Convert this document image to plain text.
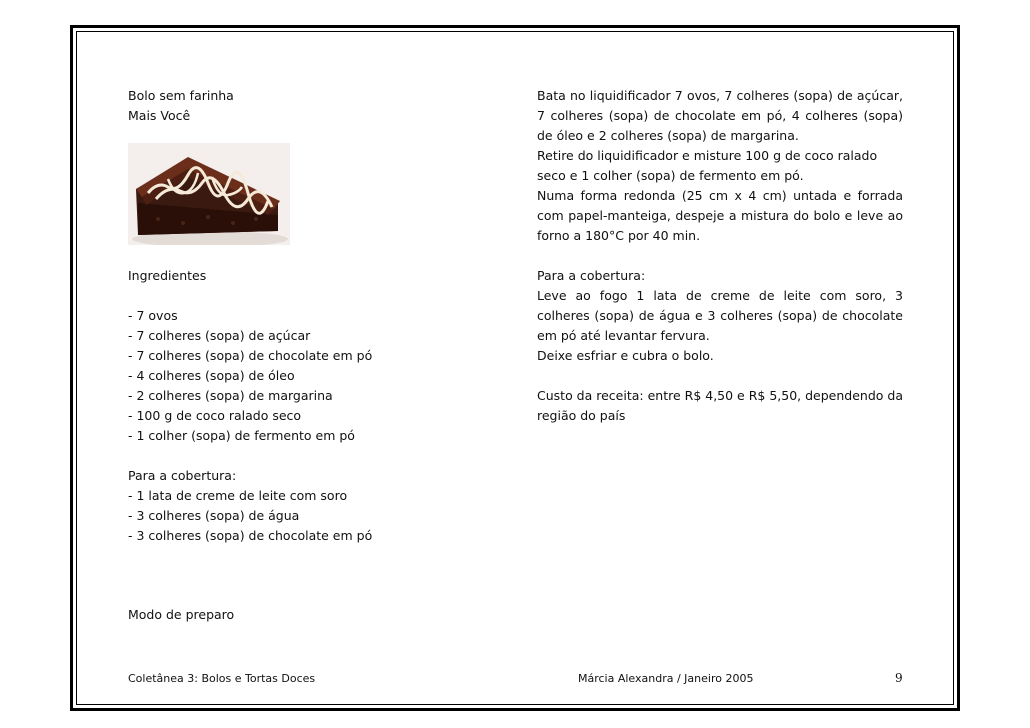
Bolo sem farinha
Mais Você
Ingredientes
- 7 ovos
- 7 colheres (sopa) de açúcar
- 7 colheres (sopa) de chocolate em pó
- 4 colheres (sopa) de óleo
- 2 colheres (sopa) de margarina
- 100 g de coco ralado seco
- 1 colher (sopa) de fermento em pó
Para a cobertura:
- 1 lata de creme de leite com soro
- 3 colheres (sopa) de água
- 3 colheres (sopa) de chocolate em pó
Modo de preparo

Bata no liquidificador 7 ovos, 7 colheres (sopa) de açúcar, 7 colheres (sopa) de chocolate em pó, 4 colheres (sopa) de óleo e 2 colheres (sopa) de margarina.

Retire do liquidificador e misture 100 g de coco ralado seco e 1 colher (sopa) de fermento em pó.

Numa forma redonda (25 cm x 4 cm) untada e forrada com papel-manteiga, despeje a mistura do bolo e leve ao forno a 180°C por 40 min.

Para a cobertura:

Leve ao fogo 1 lata de creme de leite com soro, 3 colheres (sopa) de água e 3 colheres (sopa) de chocolate em pó até levantar fervura.

Deixe esfriar e cubra o bolo.

Custo da receita: entre R$ 4,50 e R$ 5,50, dependendo da região do país

Coletânea 3: Bolos e Tortas Doces	Márcia Alexandra / Janeiro 2005	9
